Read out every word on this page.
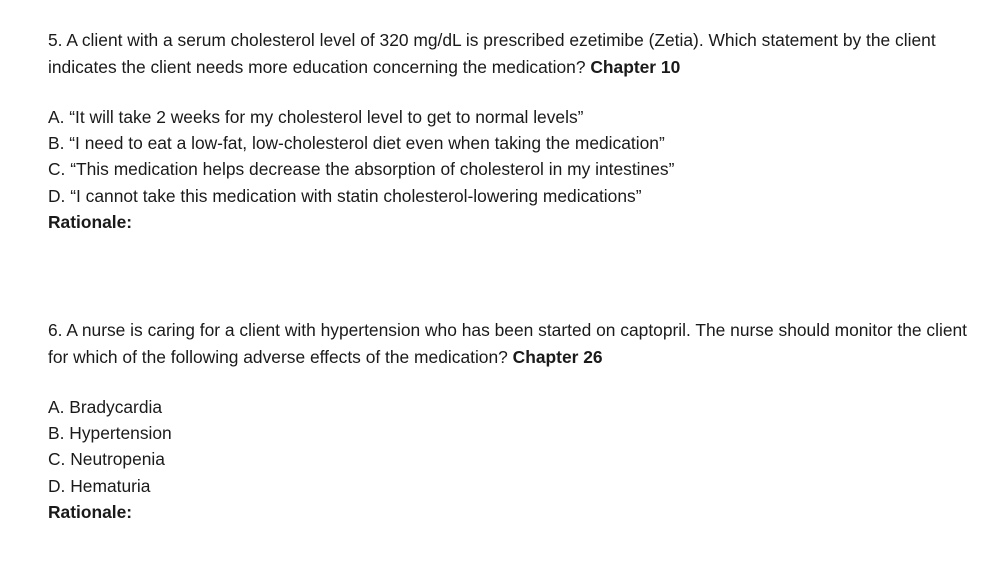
5. A client with a serum cholesterol level of 320 mg/dL is prescribed ezetimibe (Zetia). Which statement by the client indicates the client needs more education concerning the medication? Chapter 10

A. “It will take 2 weeks for my cholesterol level to get to normal levels”
B. “I need to eat a low-fat, low-cholesterol diet even when taking the medication”
C. “This medication helps decrease the absorption of cholesterol in my intestines”
D. “I cannot take this medication with statin cholesterol-lowering medications”

Rationale:

6. A nurse is caring for a client with hypertension who has been started on captopril. The nurse should monitor the client for which of the following adverse effects of the medication? Chapter 26

A. Bradycardia
B. Hypertension
C. Neutropenia
D. Hematuria

Rationale:
